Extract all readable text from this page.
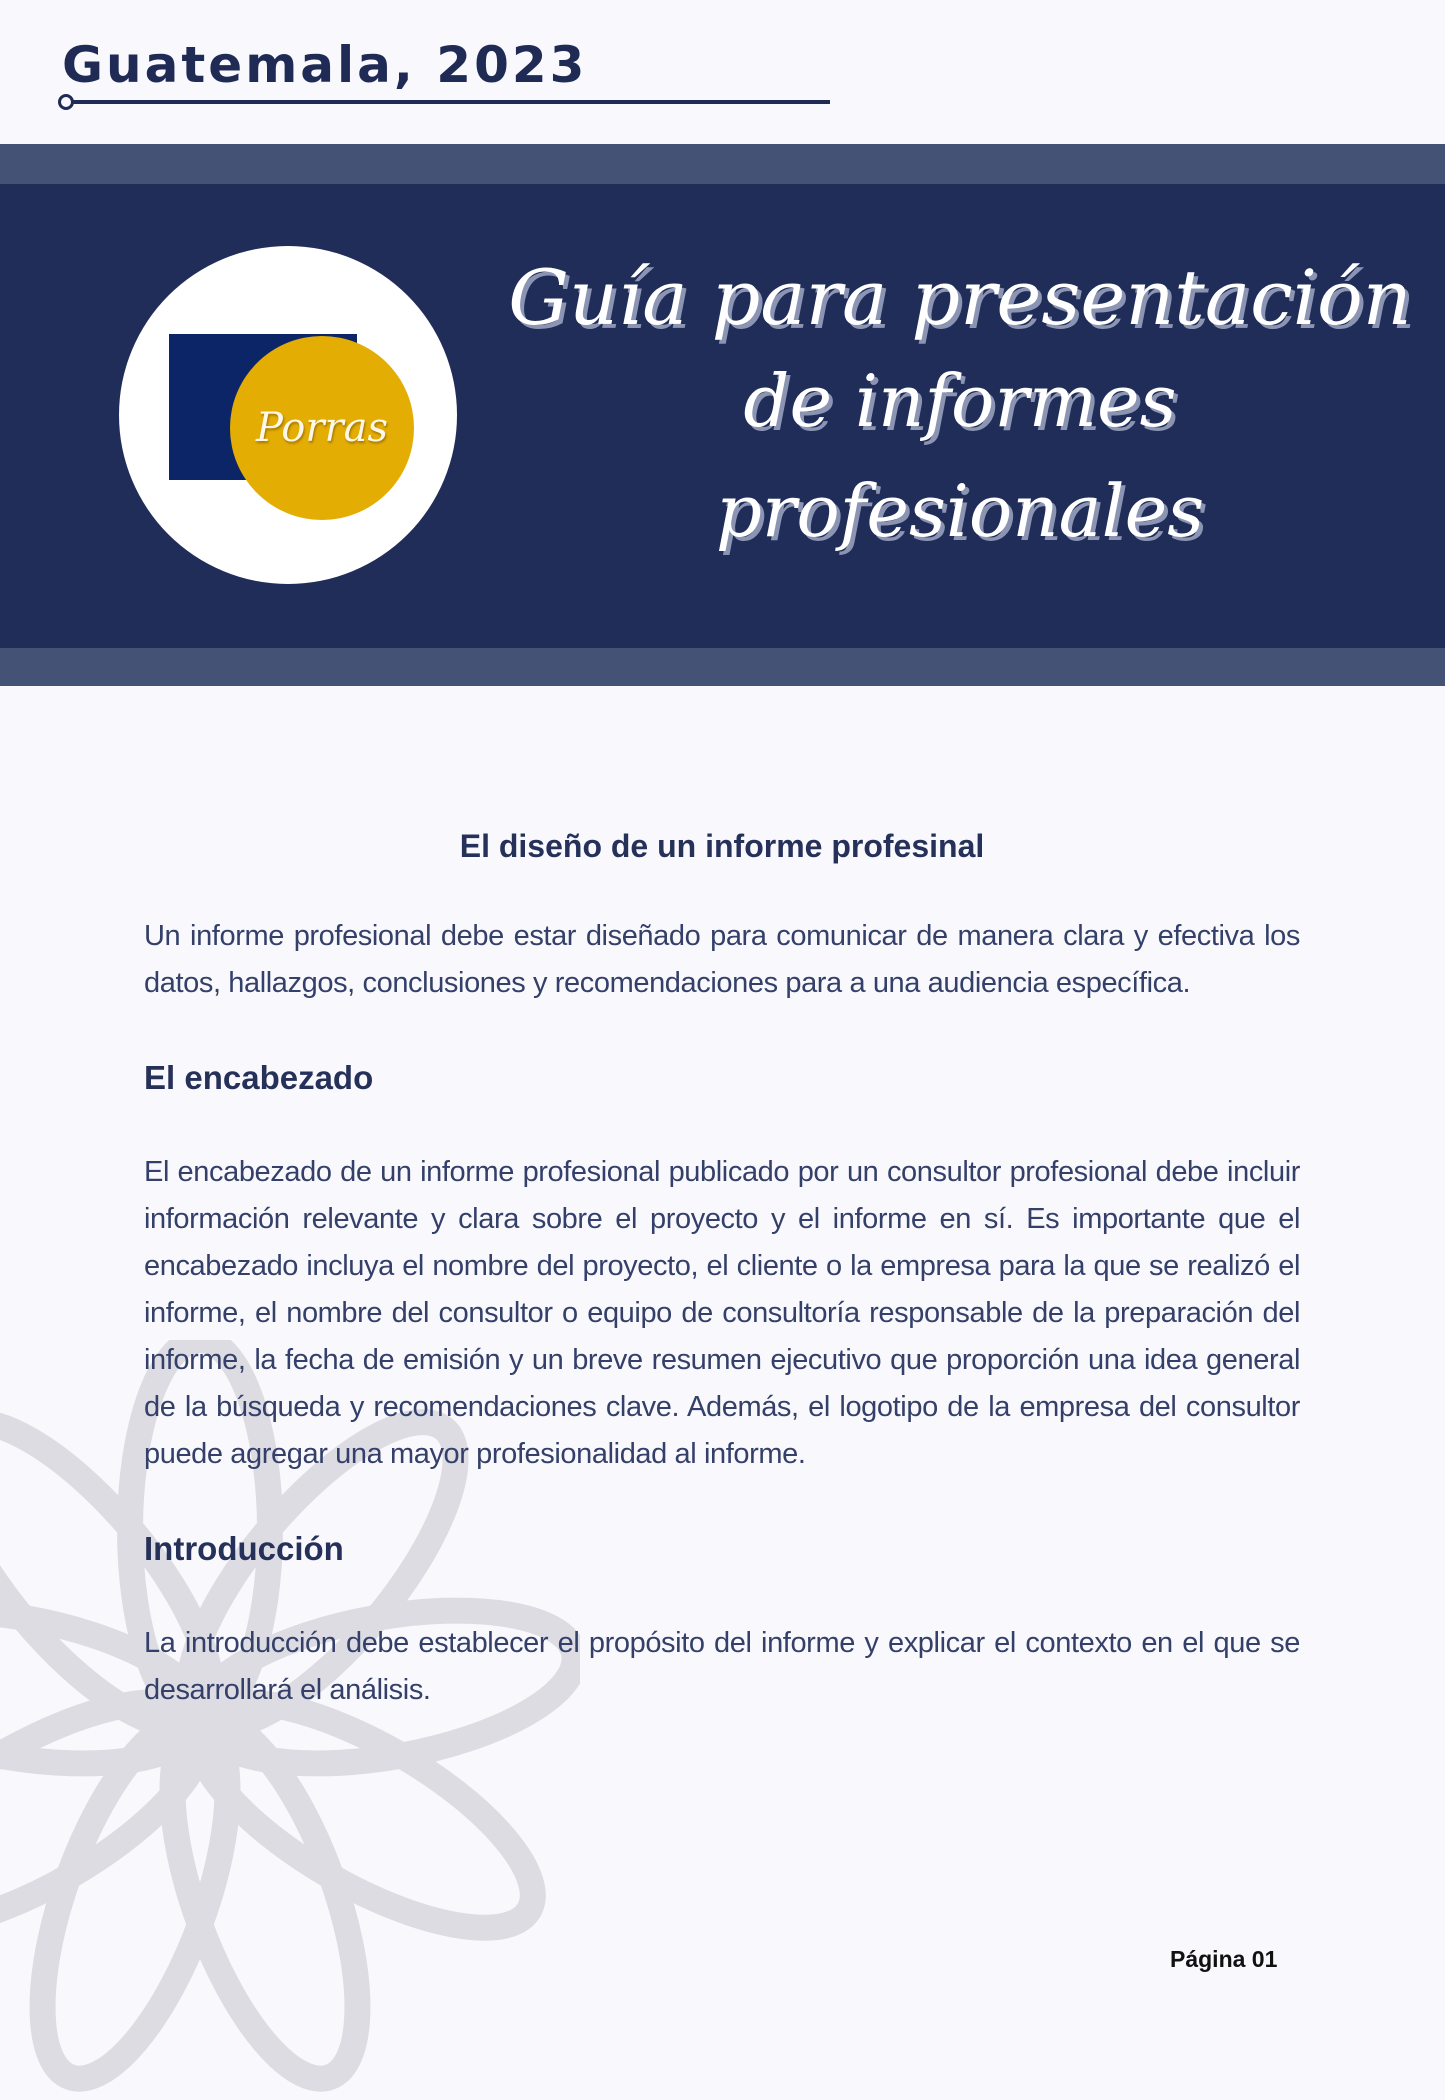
Guatemala, 2023
Porras
Guía para presentación
de informes profesionales
El diseño de un informe profesinal

Un informe profesional debe estar diseñado para comunicar de manera clara y efectiva los datos, hallazgos, conclusiones y recomendaciones para a una audiencia específica.

El encabezado

El encabezado de un informe profesional publicado por un consultor profesional debe incluir información relevante y clara sobre el proyecto y el informe en sí. Es importante que el encabezado incluya el nombre del proyecto, el cliente o la empresa para la que se realizó el informe, el nombre del consultor o equipo de consultoría responsable de la preparación del informe, la fecha de emisión y un breve resumen ejecutivo que proporción una idea general de la búsqueda y recomendaciones clave. Además, el logotipo de la empresa del consultor puede agregar una mayor profesionalidad al informe.

Introducción

La introducción debe establecer el propósito del informe y explicar el contexto en el que se desarrollará el análisis.

Página 01
